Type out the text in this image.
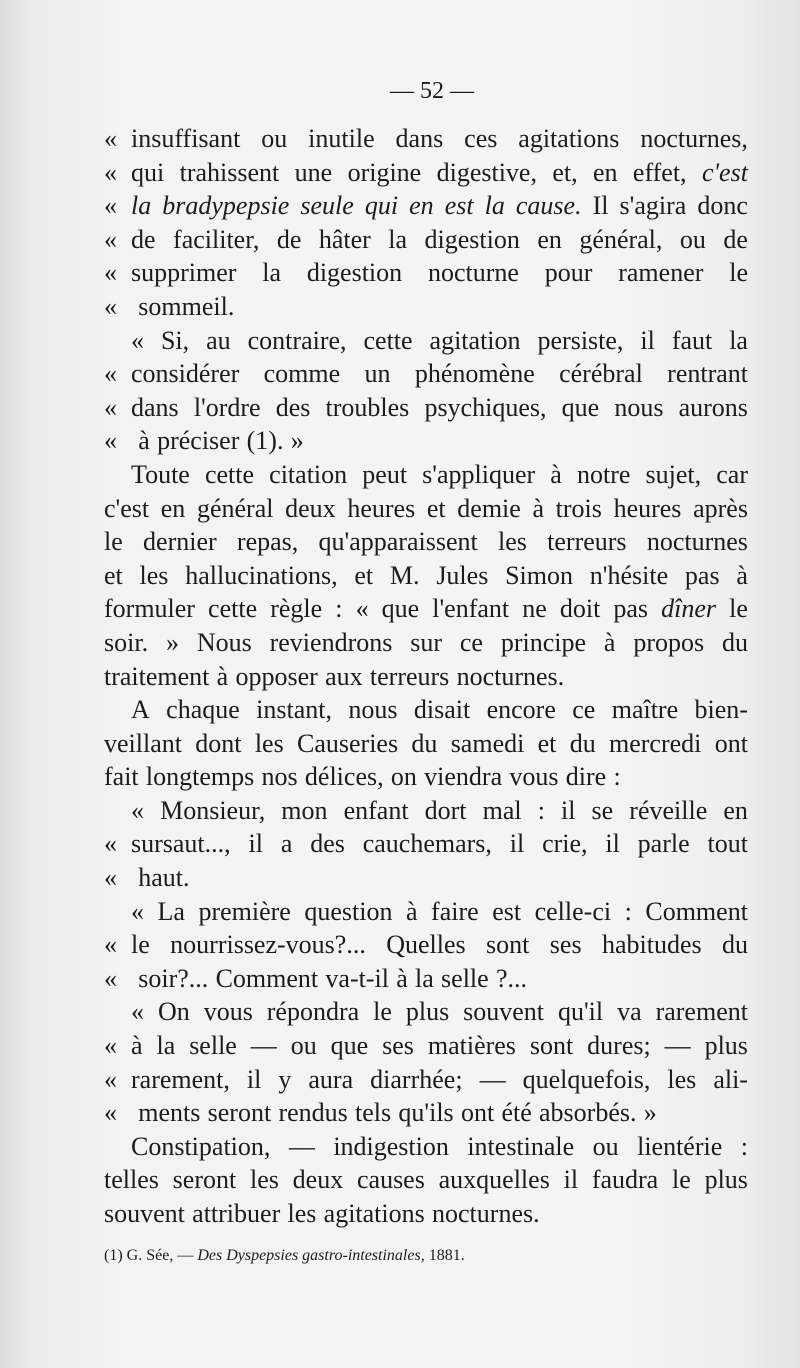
— 52 —
« insuffisant ou inutile dans ces agitations nocturnes,
« qui trahissent une origine digestive, et, en effet, c'est
« la bradypepsie seule qui en est la cause. Il s'agira donc
« de faciliter, de hâter la digestion en général, ou de
« supprimer la digestion nocturne pour ramener le
« sommeil.
« Si, au contraire, cette agitation persiste, il faut la
« considérer comme un phénomène cérébral rentrant
« dans l'ordre des troubles psychiques, que nous aurons
« à préciser (1). »
Toute cette citation peut s'appliquer à notre sujet, car
c'est en général deux heures et demie à trois heures après
le dernier repas, qu'apparaissent les terreurs nocturnes
et les hallucinations, et M. Jules Simon n'hésite pas à
formuler cette règle : « que l'enfant ne doit pas dîner le
soir. » Nous reviendrons sur ce principe à propos du
traitement à opposer aux terreurs nocturnes.
A chaque instant, nous disait encore ce maître bien-
veillant dont les Causeries du samedi et du mercredi ont
fait longtemps nos délices, on viendra vous dire :
« Monsieur, mon enfant dort mal : il se réveille en
« sursaut..., il a des cauchemars, il crie, il parle tout
« haut.
« La première question à faire est celle-ci : Comment
« le nourrissez-vous?... Quelles sont ses habitudes du
« soir?... Comment va-t-il à la selle ?...
« On vous répondra le plus souvent qu'il va rarement
« à la selle — ou que ses matières sont dures; — plus
« rarement, il y aura diarrhée; — quelquefois, les ali-
« ments seront rendus tels qu'ils ont été absorbés. »
Constipation, — indigestion intestinale ou lientérie :
telles seront les deux causes auxquelles il faudra le plus
souvent attribuer les agitations nocturnes.
(1) G. Sée, — Des Dyspepsies gastro-intestinales, 1881.
